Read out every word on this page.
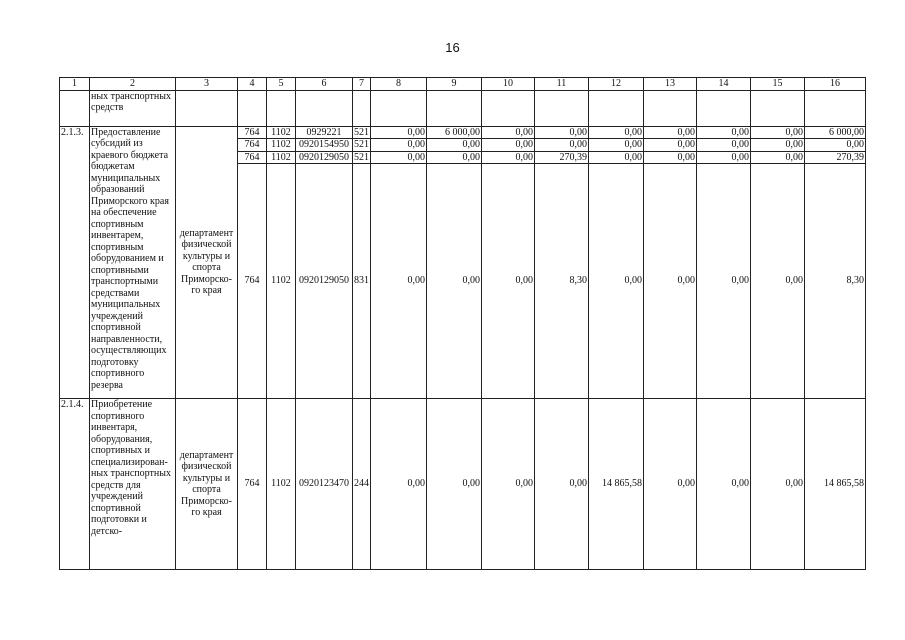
16
1	2	3	4	5	6	7	8	9	10	11	12	13	14	15	16
	ных транспортных средств														
2.1.3.	Предоставление субсидий из краевого бюджета бюджетам муниципальных образований Приморского края на обеспечение спортивным инвентарем, спортивным оборудованием и спортивными транспортными средствами муниципальных учреждений спортивной направленности, осуществляющих подготовку спортивного резерва	департамент физической культуры и спорта Приморско-го края	764	1102	0929221	521	0,00	6 000,00	0,00	0,00	0,00	0,00	0,00	0,00	6 000,00
			764	1102	0920154950	521	0,00	0,00	0,00	0,00	0,00	0,00	0,00	0,00	0,00
			764	1102	0920129050	521	0,00	0,00	0,00	270,39	0,00	0,00	0,00	0,00	270,39
			764	1102	0920129050	831	0,00	0,00	0,00	8,30	0,00	0,00	0,00	0,00	8,30
2.1.4.	Приобретение спортивного инвентаря, оборудования, спортивных и специализирован-ных транспортных средств для учреждений спортивной подготовки и детско-	департамент физической культуры и спорта Приморско-го края	764	1102	0920123470	244	0,00	0,00	0,00	0,00	14 865,58	0,00	0,00	0,00	14 865,58
